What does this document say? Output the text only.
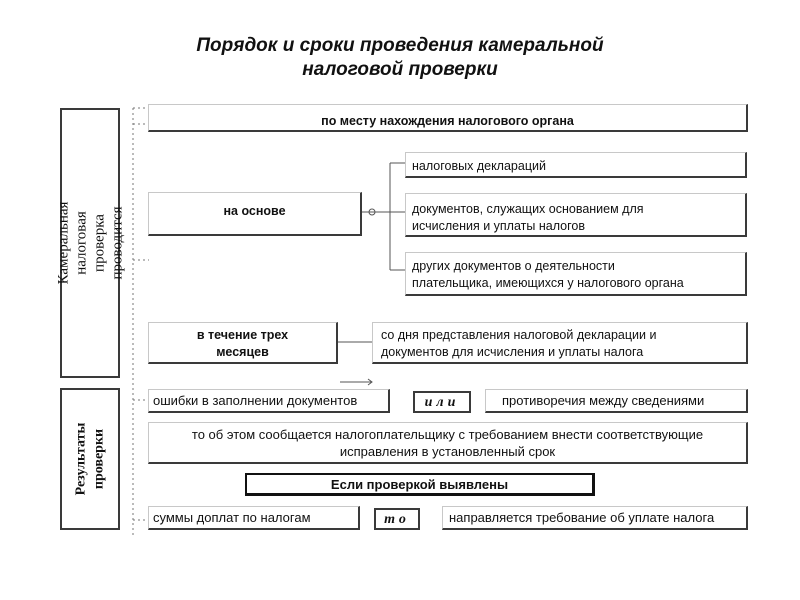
Порядок и сроки проведения камеральной
налоговой проверки
Камеральная налоговая проверка проводится
Результаты проверки
по месту нахождения налогового органа
на основе
налоговых деклараций
документов, служащих основанием для
исчисления и уплаты налогов
других документов о деятельности
плательщика, имеющихся у налогового органа
в течение трех
месяцев
со дня представления налоговой декларации и
документов для исчисления и уплаты налога
ошибки в заполнении документов	или	противоречия между сведениями
то об этом сообщается налогоплательщику с требованием внести соответствующие
исправления в установленный срок
Если проверкой выявлены
суммы доплат по налогам	то	направляется требование об уплате налога
